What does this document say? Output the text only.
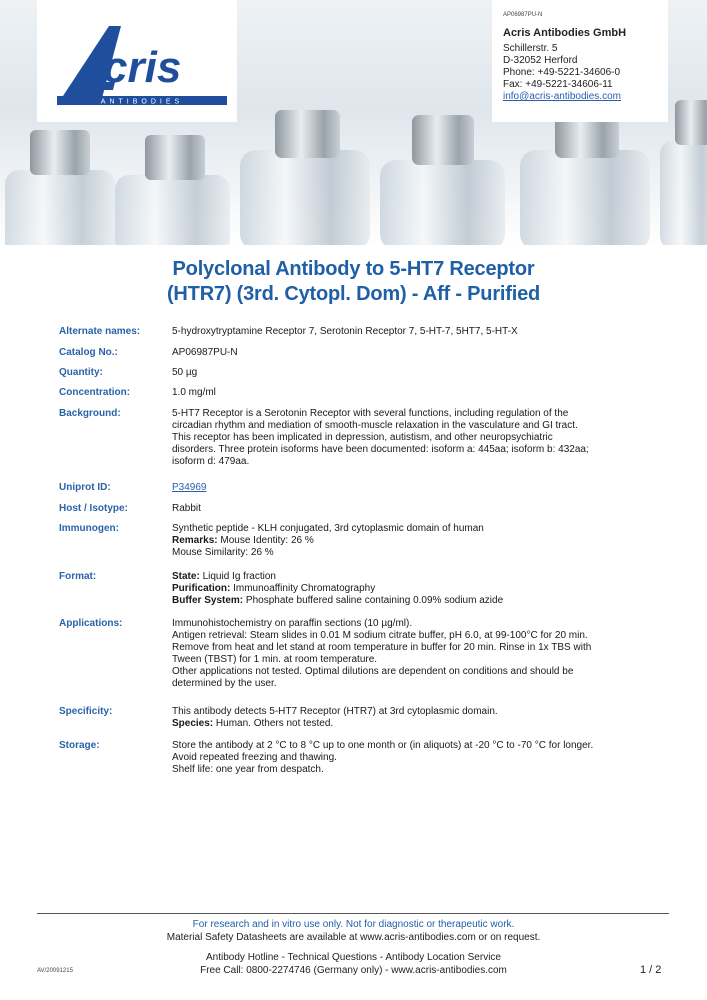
cris
ANTIBODIES
AP06987PU-N
Acris Antibodies GmbH
Schillerstr. 5
D-32052 Herford
Phone: +49-5221-34606-0
Fax: +49-5221-34606-11
info@acris-antibodies.com
Polyclonal Antibody to 5-HT7 Receptor
(HTR7) (3rd. Cytopl. Dom) - Aff - Purified
Alternate names:	5-hydroxytryptamine Receptor 7, Serotonin Receptor 7, 5-HT-7, 5HT7, 5-HT-X
Catalog No.:	AP06987PU-N
Quantity:	50 µg
Concentration:	1.0 mg/ml
Background:	5-HT7 Receptor is a Serotonin Receptor with several functions, including regulation of the
circadian rhythm and mediation of smooth-muscle relaxation in the vasculature and GI tract.
This receptor has been implicated in depression, autistism, and other neuropsychiatric
disorders. Three protein isoforms have been documented: isoform a: 445aa; isoform b: 432aa;
isoform d: 479aa.
Uniprot ID:	P34969
Host / Isotype:	Rabbit
Immunogen:	Synthetic peptide - KLH conjugated, 3rd cytoplasmic domain of human
Remarks: Mouse Identity: 26 %
Mouse Similarity: 26 %
Format:	State: Liquid Ig fraction
Purification: Immunoaffinity Chromatography
Buffer System: Phosphate buffered saline containing 0.09% sodium azide
Applications:	Immunohistochemistry on paraffin sections (10 µg/ml).
Antigen retrieval: Steam slides in 0.01 M sodium citrate buffer, pH 6.0, at 99-100°C for 20 min.
Remove from heat and let stand at room temperature in buffer for 20 min. Rinse in 1x TBS with
Tween (TBST) for 1 min. at room temperature.
Other applications not tested. Optimal dilutions are dependent on conditions and should be
determined by the user.
Specificity:	This antibody detects 5-HT7 Receptor (HTR7) at 3rd cytoplasmic domain.
Species: Human. Others not tested.
Storage:	Store the antibody at 2 °C to 8 °C up to one month or (in aliquots) at -20 °C to -70 °C for longer.
Avoid repeated freezing and thawing.
Shelf life: one year from despatch.
For research and in vitro use only. Not for diagnostic or therapeutic work.
Material Safety Datasheets are available at www.acris-antibodies.com or on request.
Antibody Hotline - Technical Questions - Antibody Location Service
Free Call: 0800-2274746 (Germany only) - www.acris-antibodies.com
AV/20091215	1 / 2
